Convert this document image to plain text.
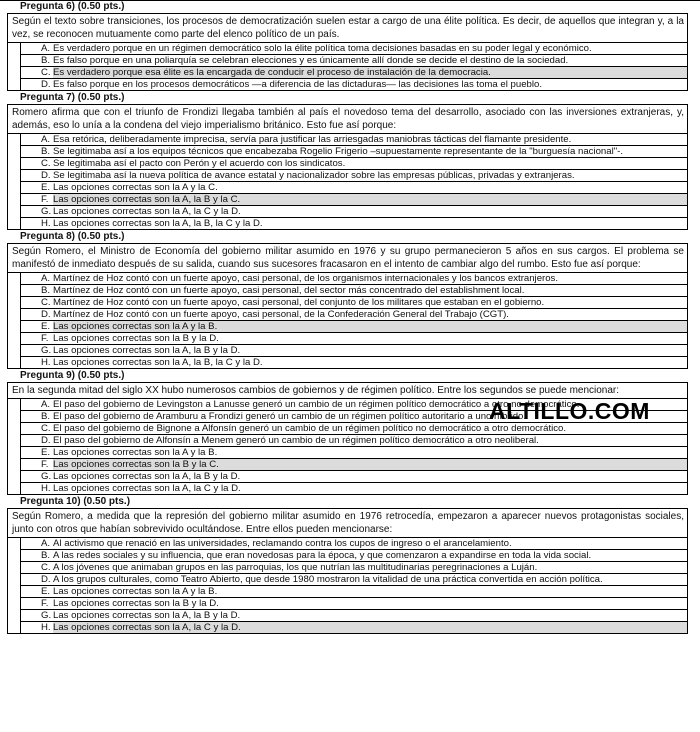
Pregunta 6) (0.50 pts.)
Según el texto sobre transiciones, los procesos de democratización suelen estar a cargo de una élite política. Es decir, de aquellos que integran y, a la vez, se reconocen mutuamente como parte del elenco político de un país.
A. Es verdadero porque en un régimen democrático solo la élite política toma decisiones basadas en su poder legal y económico.
B. Es falso porque en una poliarquía se celebran elecciones y es únicamente allí donde se decide el destino de la sociedad.
C. Es verdadero porque esa élite es la encargada de conducir el proceso de instalación de la democracia.
D. Es falso porque en los procesos democráticos —a diferencia de las dictaduras— las decisiones las toma el pueblo.
Pregunta 7) (0.50 pts.)
Romero afirma que con el triunfo de Frondizi llegaba también al país el novedoso tema del desarrollo, asociado con las inversiones extranjeras, y, además, eso lo unía a la condena del viejo imperialismo británico. Esto fue así porque:
A. Esa retórica, deliberadamente imprecisa, servía para justificar las arriesgadas maniobras tácticas del flamante presidente.
B. Se legitimaba así a los equipos técnicos que encabezaba Rogelio Frigerio –supuestamente representante de la "burguesía nacional"-.
C. Se legitimaba así el pacto con Perón y el acuerdo con los sindicatos.
D. Se legitimaba así la nueva política de avance estatal y nacionalizador sobre las empresas públicas, privadas y extranjeras.
E. Las opciones correctas son la A y la C.
F. Las opciones correctas son la A, la B y la C.
G. Las opciones correctas son la A, la C y la D.
H. Las opciones correctas son la A, la B, la C y la D.
Pregunta 8) (0.50 pts.)
Según Romero, el Ministro de Economía del gobierno militar asumido en 1976 y su grupo permanecieron 5 años en sus cargos. El problema se manifestó de inmediato después de su salida, cuando sus sucesores fracasaron en el intento de cambiar algo del rumbo. Esto fue así porque:
A. Martínez de Hoz contó con un fuerte apoyo, casi personal, de los organismos internacionales y los bancos extranjeros.
B. Martínez de Hoz contó con un fuerte apoyo, casi personal, del sector más concentrado del establishment local.
C. Martínez de Hoz contó con un fuerte apoyo, casi personal, del conjunto de los militares que estaban en el gobierno.
D. Martínez de Hoz contó con un fuerte apoyo, casi personal, de la Confederación General del Trabajo (CGT).
E. Las opciones correctas son la A y la B.
F. Las opciones correctas son la B y la D.
G. Las opciones correctas son la A, la B y la D.
H. Las opciones correctas son la A, la B, la C y la D.
Pregunta 9) (0.50 pts.)
En la segunda mitad del siglo XX hubo numerosos cambios de gobiernos y de régimen político. Entre los segundos se puede mencionar:
A. El paso del gobierno de Levingston a Lanusse generó un cambio de un régimen político democrático a otro no democrático.
B. El paso del gobierno de Aramburu a Frondizi generó un cambio de un régimen político autoritario a uno híbrido.
C. El paso del gobierno de Bignone a Alfonsín generó un cambio de un régimen político no democrático a otro democrático.
D. El paso del gobierno de Alfonsín a Menem generó un cambio de un régimen político democrático a otro neoliberal.
E. Las opciones correctas son la A y la B.
F. Las opciones correctas son la B y la C.
G. Las opciones correctas son la A, la B y la D.
H. Las opciones correctas son la A, la C y la D.
Pregunta 10) (0.50 pts.)
Según Romero, a medida que la represión del gobierno militar asumido en 1976 retrocedía, empezaron a aparecer nuevos protagonistas sociales, junto con otros que habían sobrevivido ocultándose. Entre ellos pueden mencionarse:
A. Al activismo que renació en las universidades, reclamando contra los cupos de ingreso o el arancelamiento.
B. A las redes sociales y su influencia, que eran novedosas para la época, y que comenzaron a expandirse en toda la vida social.
C. A los jóvenes que animaban grupos en las parroquias, los que nutrían las multitudinarias peregrinaciones a Luján.
D. A los grupos culturales, como Teatro Abierto, que desde 1980 mostraron la vitalidad de una práctica convertida en acción política.
E. Las opciones correctas son la A y la B.
F. Las opciones correctas son la B y la D.
G. Las opciones correctas son la A, la B y la D.
H. Las opciones correctas son la A, la C y la D.
ALTILLO.COM
